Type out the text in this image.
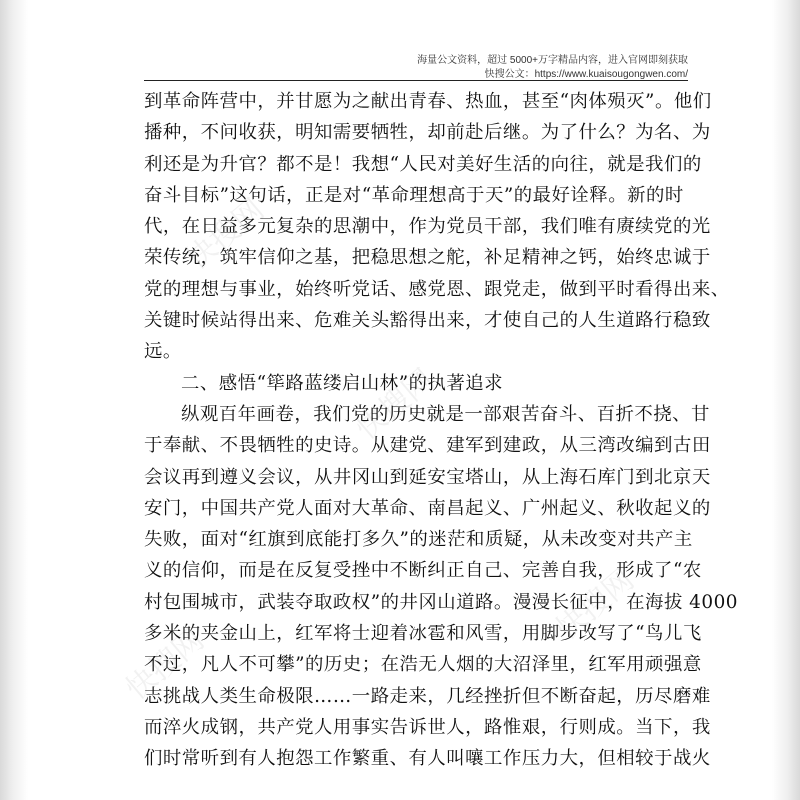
快搜网
快搜网
快搜网
快搜网
海量公文资料，超过 5000+万字精品内容，进入官网即刻获取
快搜公文：https://www.kuaisougongwen.com/
到革命阵营中，并甘愿为之献出青春、热血，甚至“肉体殒灭”。他们
播种，不问收获，明知需要牺牲，却前赴后继。为了什么？为名、为
利还是为升官？都不是！我想“人民对美好生活的向往，就是我们的
奋斗目标”这句话，正是对“革命理想高于天”的最好诠释。新的时
代，在日益多元复杂的思潮中，作为党员干部，我们唯有赓续党的光
荣传统，筑牢信仰之基，把稳思想之舵，补足精神之钙，始终忠诚于
党的理想与事业，始终听党话、感党恩、跟党走，做到平时看得出来、
关键时候站得出来、危难关头豁得出来，才使自己的人生道路行稳致
远。
二、感悟“筚路蓝缕启山林”的执著追求
纵观百年画卷，我们党的历史就是一部艰苦奋斗、百折不挠、甘
于奉献、不畏牺牲的史诗。从建党、建军到建政，从三湾改编到古田
会议再到遵义会议，从井冈山到延安宝塔山，从上海石库门到北京天
安门，中国共产党人面对大革命、南昌起义、广州起义、秋收起义的
失败，面对“红旗到底能打多久”的迷茫和质疑，从未改变对共产主
义的信仰，而是在反复受挫中不断纠正自己、完善自我，形成了“农
村包围城市，武装夺取政权”的井冈山道路。漫漫长征中，在海拔 4000
多米的夹金山上，红军将士迎着冰雹和风雪，用脚步改写了“鸟儿飞
不过，凡人不可攀”的历史；在浩无人烟的大沼泽里，红军用顽强意
志挑战人类生命极限……一路走来，几经挫折但不断奋起，历尽磨难
而淬火成钢，共产党人用事实告诉世人，路惟艰，行则成。当下，我
们时常听到有人抱怨工作繁重、有人叫嚷工作压力大，但相较于战火
